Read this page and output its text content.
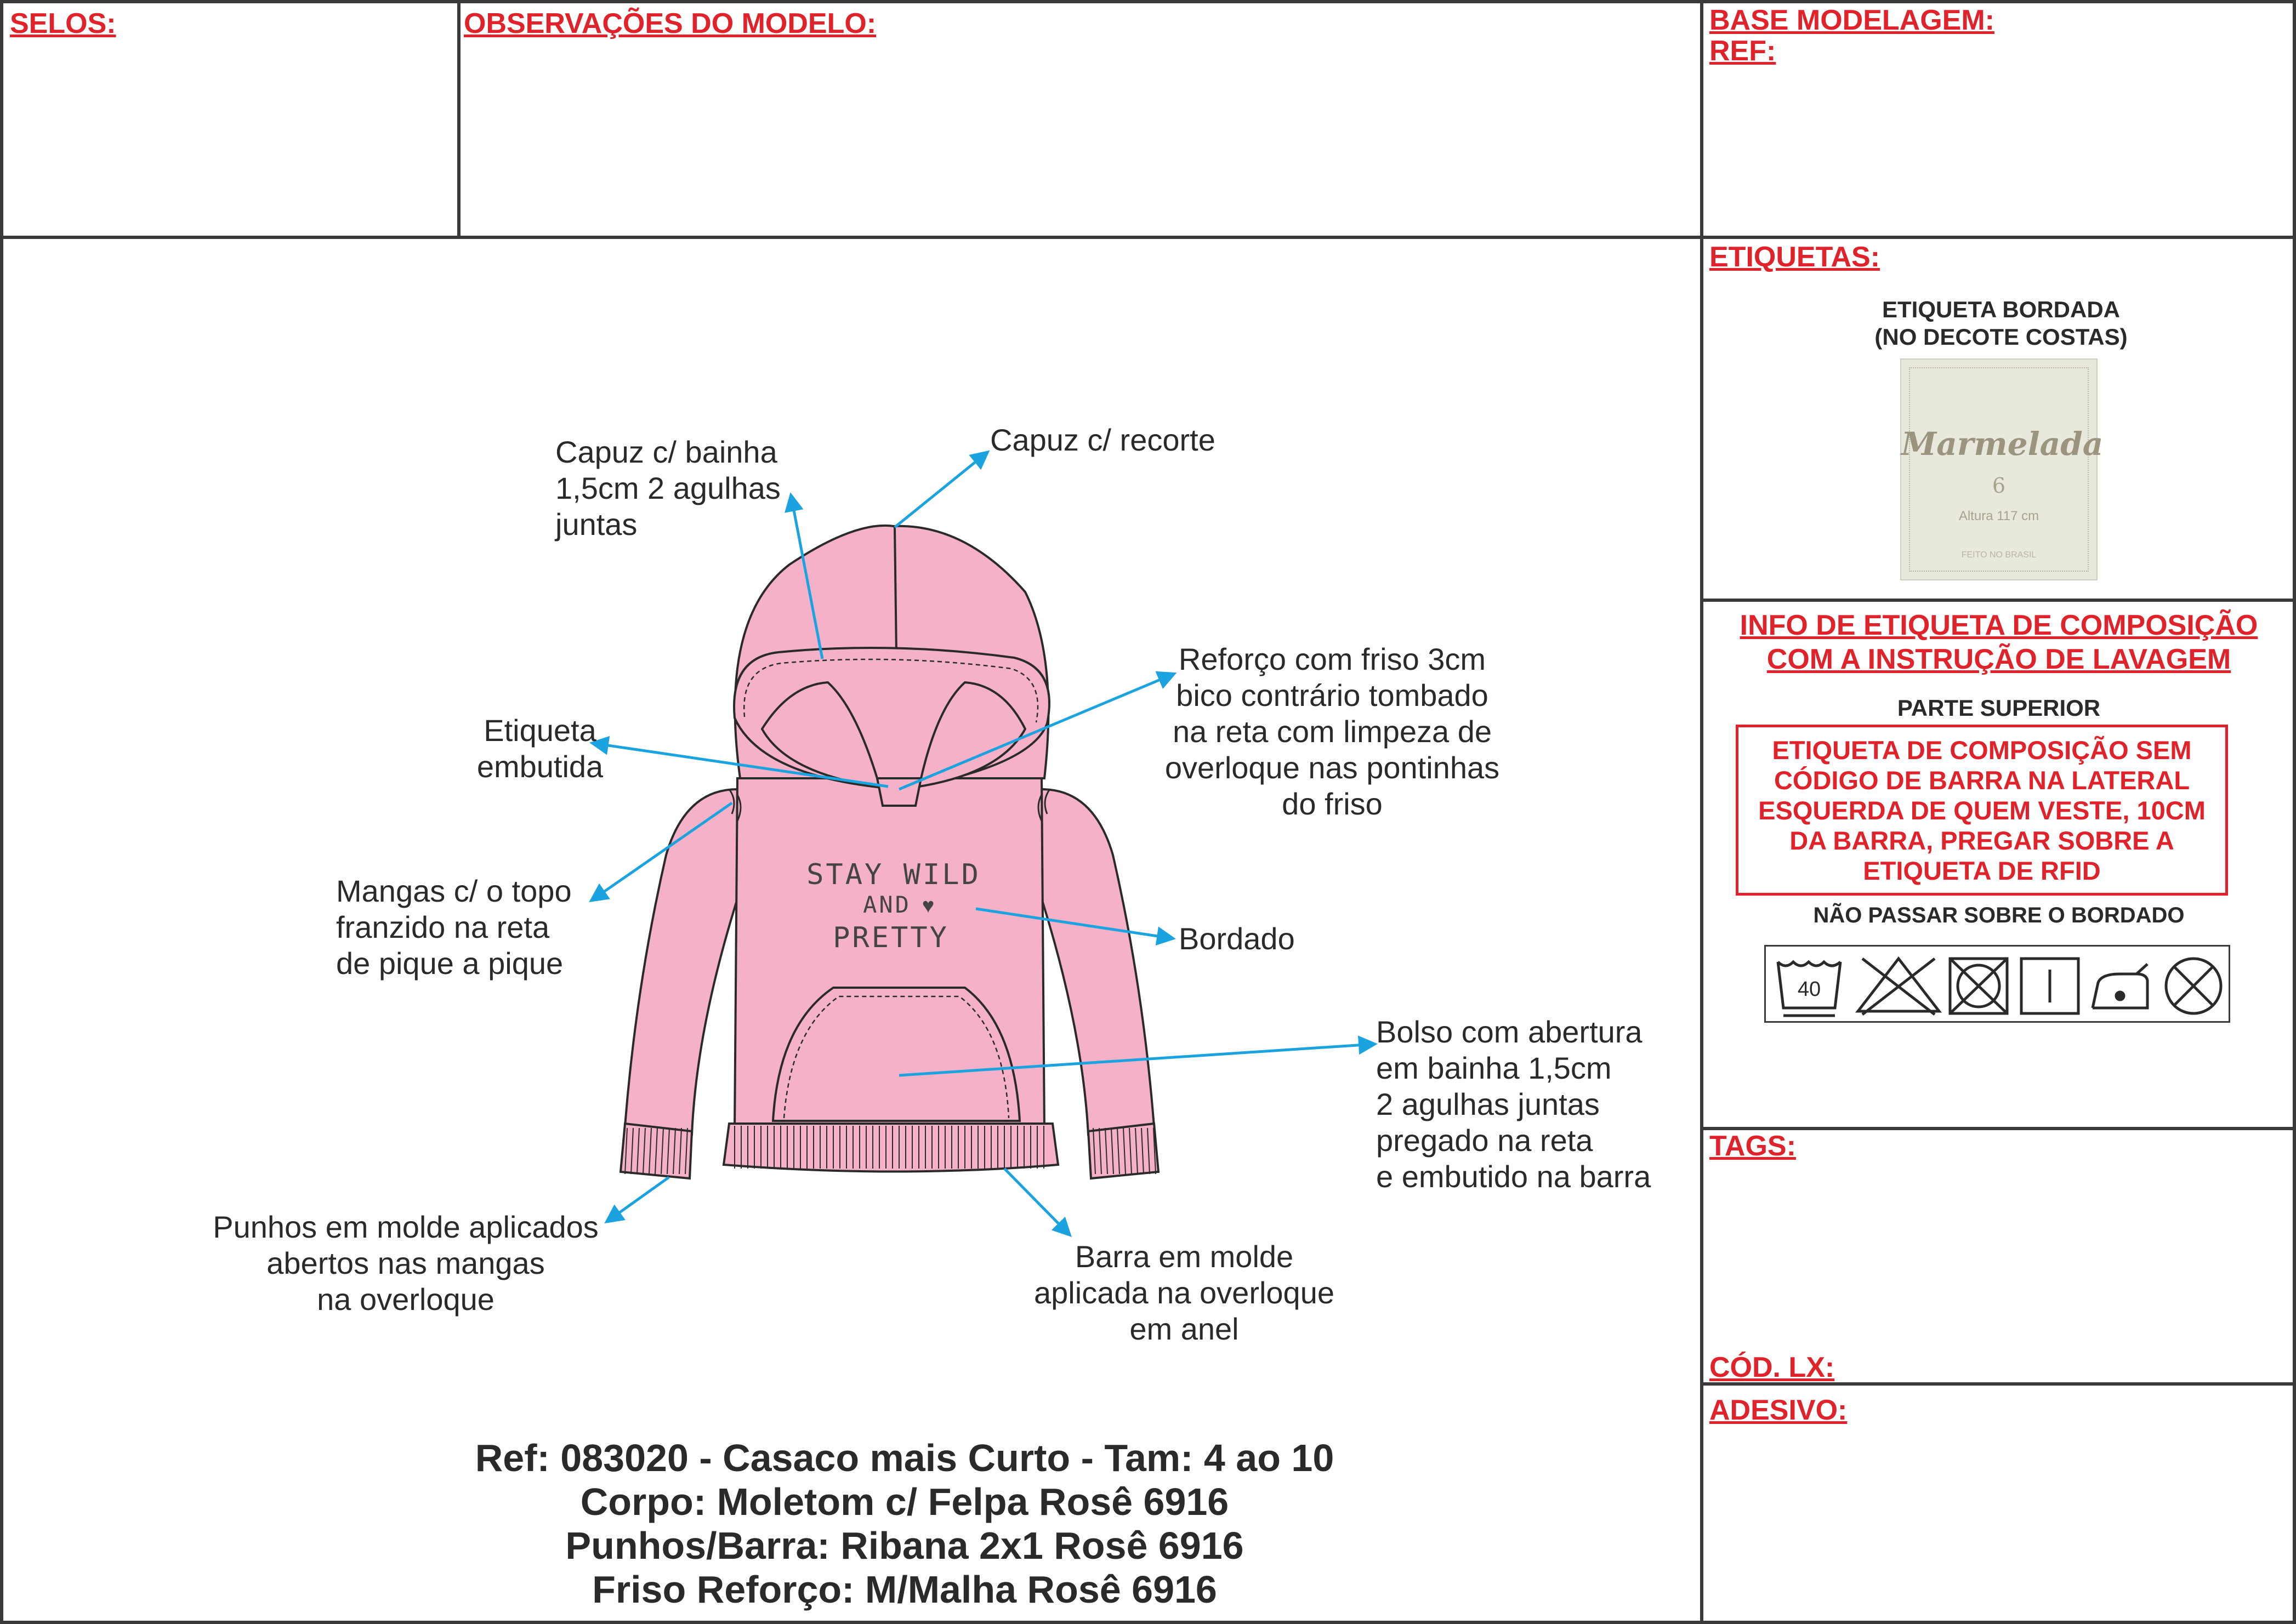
SELOS:	OBSERVAÇÕES DO MODELO:	BASE MODELAGEM:
REF:
ETIQUETAS:
ETIQUETA BORDADA
(NO DECOTE COSTAS)
Marmelada
6
Altura 117 cm
FEITO NO BRASIL
INFO DE ETIQUETA DE COMPOSIÇÃO
COM A INSTRUÇÃO DE LAVAGEM
PARTE SUPERIOR
ETIQUETA DE COMPOSIÇÃO SEM
CÓDIGO DE BARRA NA LATERAL
ESQUERDA DE QUEM VESTE, 10CM
DA BARRA, PREGAR SOBRE A
ETIQUETA DE RFID
NÃO PASSAR SOBRE O BORDADO
40
TAGS:
CÓD. LX:
ADESIVO:
STAY WILD
AND ♥
PRETTY
Capuz c/ bainha
1,5cm 2 agulhas
juntas
Capuz c/ recorte
Reforço com friso 3cm
bico contrário tombado
na reta com limpeza de
overloque nas pontinhas
do friso
Etiqueta
embutida
Mangas c/ o topo
franzido na reta
de pique a pique
Bordado
Bolso com abertura
em bainha 1,5cm
2 agulhas juntas
pregado na reta
e embutido na barra
Punhos em molde aplicados
abertos nas mangas
na overloque
Barra em molde
aplicada na overloque
em anel
Ref: 083020 - Casaco mais Curto - Tam: 4 ao 10
Corpo: Moletom c/ Felpa Rosê 6916
Punhos/Barra: Ribana 2x1 Rosê 6916
Friso Reforço: M/Malha Rosê 6916
